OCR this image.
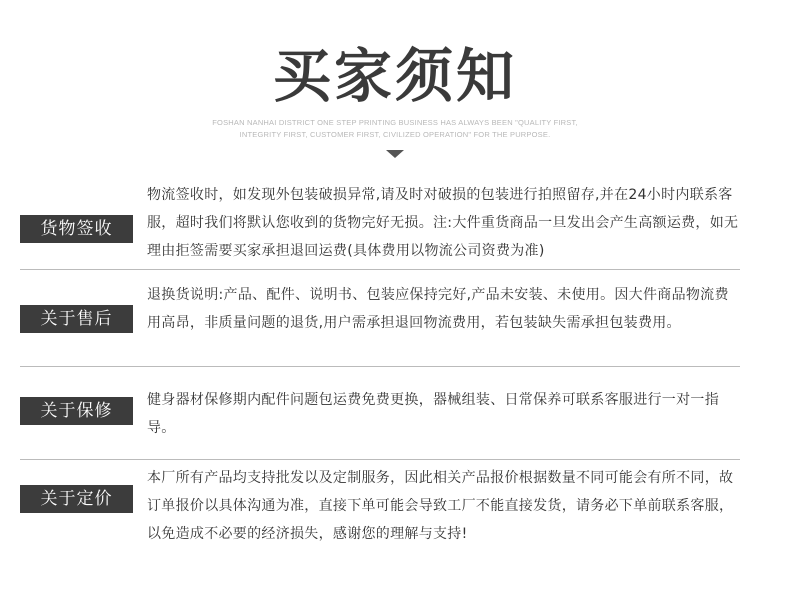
买家须知
FOSHAN NANHAI DISTRICT ONE STEP PRINTING BUSINESS HAS ALWAYS BEEN "QUALITY FIRST,
INTEGRITY FIRST, CUSTOMER FIRST, CIVILIZED OPERATION" FOR THE PURPOSE.
物流签收时，如发现外包装破损异常,请及时对破损的包装进行拍照留存,并在24小时内联系客服，超时我们将默认您收到的货物完好无损。注:大件重货商品一旦发出会产生高额运费，如无理由拒签需要买家承担退回运费(具体费用以物流公司资费为准)
货物签收
退换货说明:产品、配件、说明书、包装应保持完好,产品未安装、未使用。因大件商品物流费用高昂，非质量问题的退货,用户需承担退回物流费用，若包装缺失需承担包装费用。
关于售后
健身器材保修期内配件问题包运费免费更换，器械组装、日常保养可联系客服进行一对一指导。
关于保修
本厂所有产品均支持批发以及定制服务，因此相关产品报价根据数量不同可能会有所不同，故订单报价以具体沟通为准，直接下单可能会导致工厂不能直接发货，请务必下单前联系客服，以免造成不必要的经济损失，感谢您的理解与支持!
关于定价
